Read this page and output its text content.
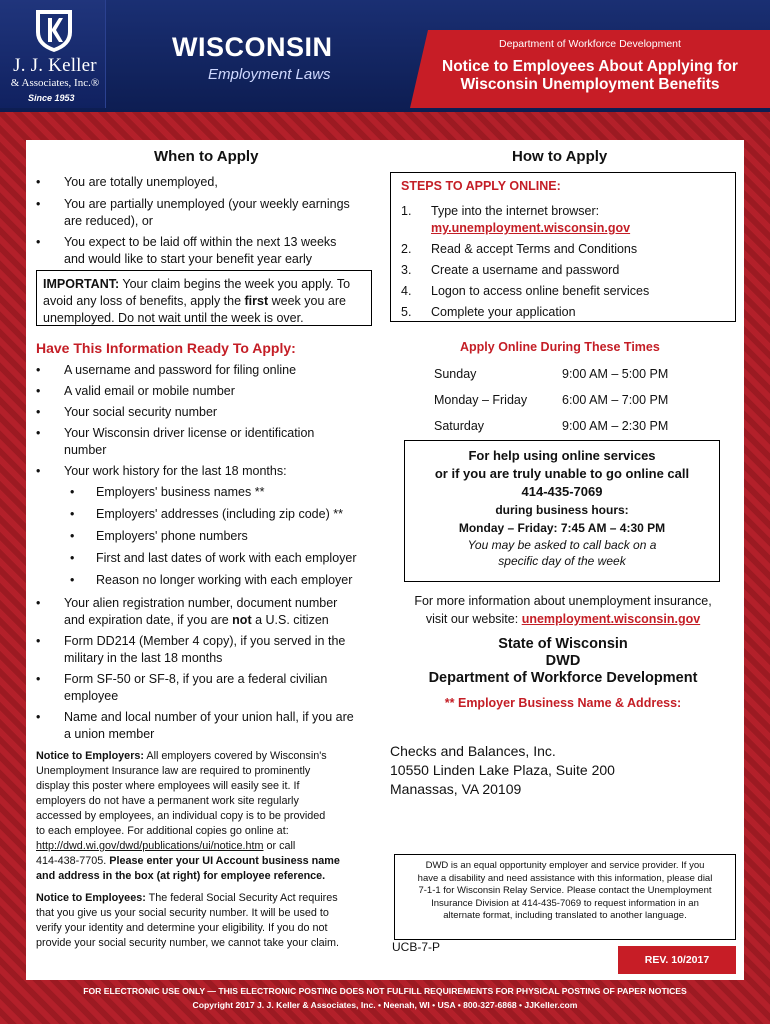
J. J. Keller
& Associates, Inc.®
Since 1953
WISCONSIN
Employment Laws
Department of Workforce Development
Notice to Employees About Applying for
Wisconsin Unemployment Benefits
When to Apply
• You are totally unemployed,
• You are partially unemployed (your weekly earnings
are reduced), or
• You expect to be laid off within the next 13 weeks
and would like to start your benefit year early
IMPORTANT: Your claim begins the week you apply. To
avoid any loss of benefits, apply the first week you are
unemployed. Do not wait until the week is over.
Have This Information Ready To Apply:
• A username and password for filing online
• A valid email or mobile number
• Your social security number
• Your Wisconsin driver license or identification
number
• Your work history for the last 18 months:
• Employers' business names **
• Employers' addresses (including zip code) **
• Employers' phone numbers
• First and last dates of work with each employer
• Reason no longer working with each employer
• Your alien registration number, document number
and expiration date, if you are not a U.S. citizen
• Form DD214 (Member 4 copy), if you served in the
military in the last 18 months
• Form SF-50 or SF-8, if you are a federal civilian
employee
• Name and local number of your union hall, if you are
a union member
Notice to Employers: All employers covered by Wisconsin's
Unemployment Insurance law are required to prominently
display this poster where employees will easily see it. If
employers do not have a permanent work site regularly
accessed by employees, an individual copy is to be provided
to each employee. For additional copies go online at:
http://dwd.wi.gov/dwd/publications/ui/notice.htm or call
414-438-7705. Please enter your UI Account business name
and address in the box (at right) for employee reference.
Notice to Employees: The federal Social Security Act requires
that you give us your social security number. It will be used to
verify your identity and determine your eligibility. If you do not
provide your social security number, we cannot take your claim.
How to Apply
STEPS TO APPLY ONLINE:
1. Type into the internet browser:
my.unemployment.wisconsin.gov
2. Read & accept Terms and Conditions
3. Create a username and password
4. Logon to access online benefit services
5. Complete your application
Apply Online During These Times
Sunday	9:00 AM – 5:00 PM
Monday – Friday	6:00 AM – 7:00 PM
Saturday	9:00 AM – 2:30 PM
For help using online services
or if you are truly unable to go online call
414-435-7069
during business hours:
Monday – Friday: 7:45 AM – 4:30 PM
You may be asked to call back on a
specific day of the week
For more information about unemployment insurance,
visit our website: unemployment.wisconsin.gov
State of Wisconsin
DWD
Department of Workforce Development
** Employer Business Name & Address:
Checks and Balances, Inc.
10550 Linden Lake Plaza, Suite 200
Manassas, VA 20109
DWD is an equal opportunity employer and service provider. If you
have a disability and need assistance with this information, please dial
7-1-1 for Wisconsin Relay Service. Please contact the Unemployment
Insurance Division at 414-435-7069 to request information in an
alternate format, including translated to another language.
UCB-7-P
REV. 10/2017
FOR ELECTRONIC USE ONLY — THIS ELECTRONIC POSTING DOES NOT FULFILL REQUIREMENTS FOR PHYSICAL POSTING OF PAPER NOTICES
Copyright 2017 J. J. Keller & Associates, Inc. • Neenah, WI • USA • 800-327-6868 • JJKeller.com
